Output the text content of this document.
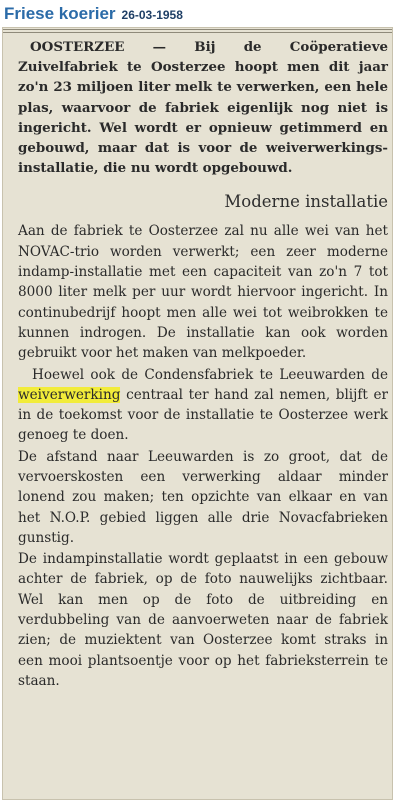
Friese koerier 26-03-1958

OOSTERZEE — Bij de Coöperatieve Zuivelfabriek te Oosterzee hoopt men dit jaar zo'n 23 miljoen liter melk te verwerken, een hele plas, waarvoor de fabriek eigenlijk nog niet is ingericht. Wel wordt er opnieuw getimmerd en gebouwd, maar dat is voor de weiverwerkings-installatie, die nu wordt opgebouwd.

Moderne installatie

Aan de fabriek te Oosterzee zal nu alle wei van het NOVAC-trio worden verwerkt; een zeer moderne indamp-installatie met een capaciteit van zo'n 7 tot 8000 liter melk per uur wordt hiervoor ingericht. In continubedrijf hoopt men alle wei tot weibrokken te kunnen indrogen. De installatie kan ook worden gebruikt voor het maken van melkpoeder.

Hoewel ook de Condensfabriek te Leeuwarden de weiverwerking centraal ter hand zal nemen, blijft er in de toekomst voor de installatie te Oosterzee werk genoeg te doen.

De afstand naar Leeuwarden is zo groot, dat de vervoerskosten een verwerking aldaar minder lonend zou maken; ten opzichte van elkaar en van het N.O.P. gebied liggen alle drie Novacfabrieken gunstig.

De indampinstallatie wordt geplaatst in een gebouw achter de fabriek, op de foto nauwelijks zichtbaar. Wel kan men op de foto de uitbreiding en verdubbeling van de aanvoerweten naar de fabriek zien; de muziektent van Oosterzee komt straks in een mooi plantsoentje voor op het fabrieksterrein te staan.
